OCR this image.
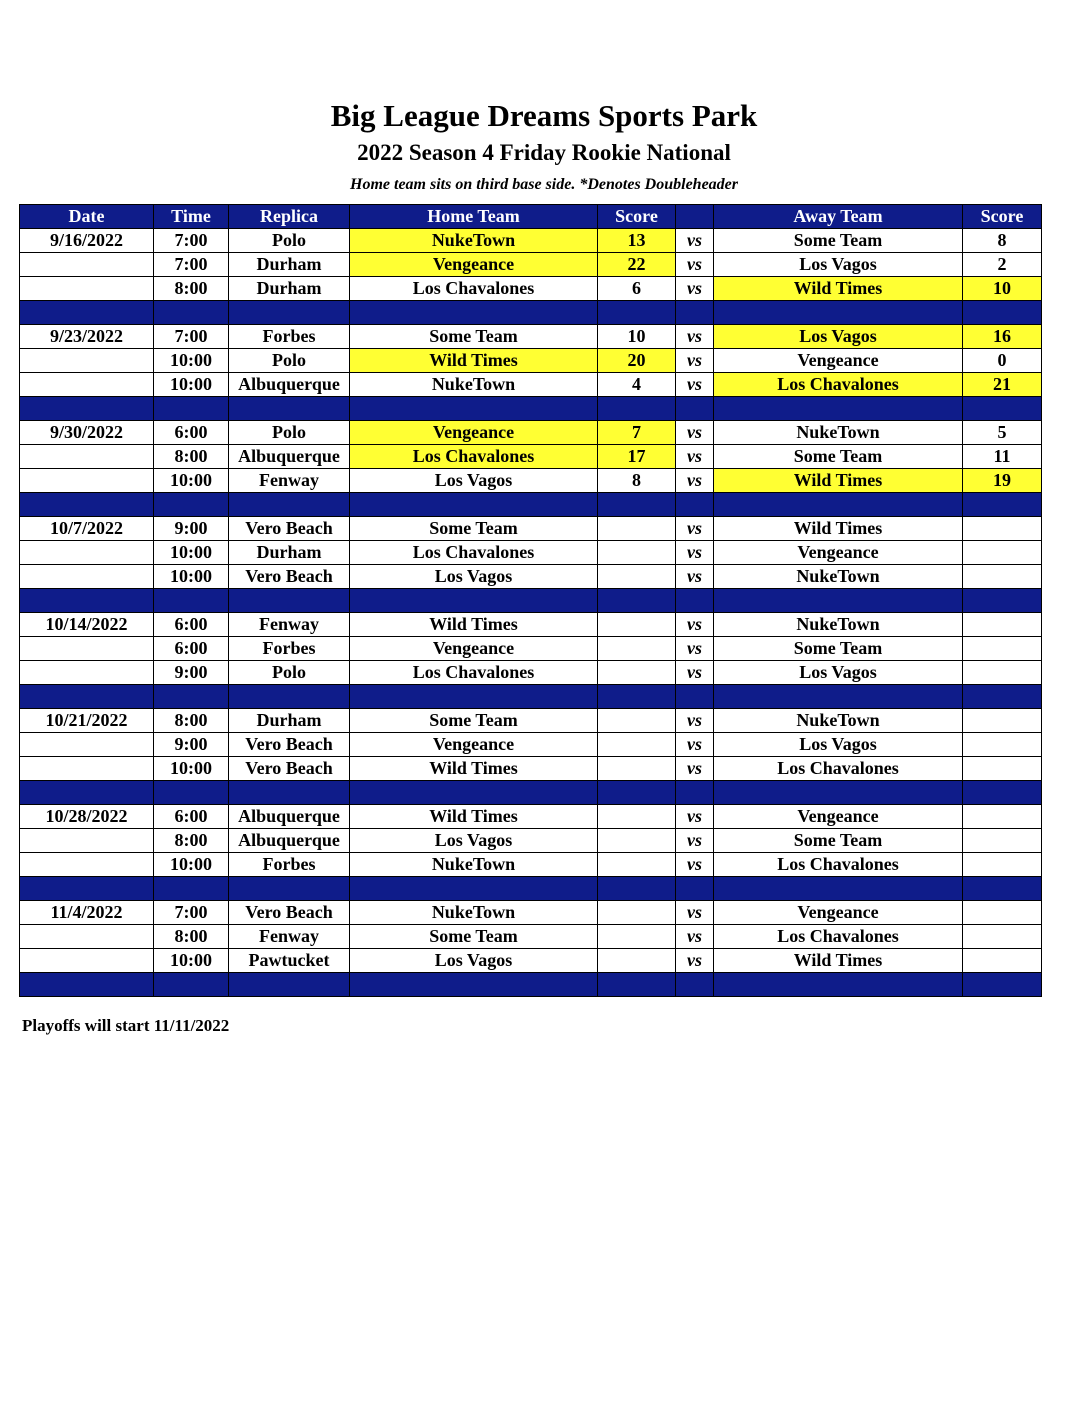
Big League Dreams Sports Park
2022 Season 4 Friday Rookie National
Home team sits on third base side. *Denotes Doubleheader
Date	Time	Replica	Home Team	Score		Away Team	Score
9/16/2022	7:00	Polo	NukeTown	13	vs	Some Team	8
	7:00	Durham	Vengeance	22	vs	Los Vagos	2
	8:00	Durham	Los Chavalones	6	vs	Wild Times	10

9/23/2022	7:00	Forbes	Some Team	10	vs	Los Vagos	16
	10:00	Polo	Wild Times	20	vs	Vengeance	0
	10:00	Albuquerque	NukeTown	4	vs	Los Chavalones	21

9/30/2022	6:00	Polo	Vengeance	7	vs	NukeTown	5
	8:00	Albuquerque	Los Chavalones	17	vs	Some Team	11
	10:00	Fenway	Los Vagos	8	vs	Wild Times	19

10/7/2022	9:00	Vero Beach	Some Team		vs	Wild Times	
	10:00	Durham	Los Chavalones		vs	Vengeance	
	10:00	Vero Beach	Los Vagos		vs	NukeTown	

10/14/2022	6:00	Fenway	Wild Times		vs	NukeTown	
	6:00	Forbes	Vengeance		vs	Some Team	
	9:00	Polo	Los Chavalones		vs	Los Vagos	

10/21/2022	8:00	Durham	Some Team		vs	NukeTown	
	9:00	Vero Beach	Vengeance		vs	Los Vagos	
	10:00	Vero Beach	Wild Times		vs	Los Chavalones	

10/28/2022	6:00	Albuquerque	Wild Times		vs	Vengeance	
	8:00	Albuquerque	Los Vagos		vs	Some Team	
	10:00	Forbes	NukeTown		vs	Los Chavalones	

11/4/2022	7:00	Vero Beach	NukeTown		vs	Vengeance	
	8:00	Fenway	Some Team		vs	Los Chavalones	
	10:00	Pawtucket	Los Vagos		vs	Wild Times	

Playoffs will start 11/11/2022
